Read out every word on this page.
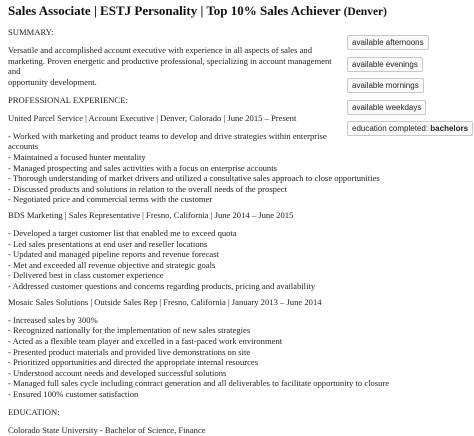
Sales Associate | ESTJ Personality | Top 10% Sales Achiever (Denver)

SUMMARY:

Versatile and accomplished account executive with experience in all aspects of sales and

marketing. Proven energetic and productive professional, specializing in account management and

opportunity development.

PROFESSIONAL EXPERIENCE:

United Parcel Service | Account Executive | Denver, Colorado | June 2015 – Present

- Worked with marketing and product teams to develop and drive strategies within enterprise

accounts

- Maintained a focused hunter mentality

- Managed prospecting and sales activities with a focus on enterprise accounts

- Thorough understanding of market drivers and utilized a consultative sales approach to close opportunities

- Discussed products and solutions in relation to the overall needs of the prospect

- Negotiated price and commercial terms with the customer

BDS Marketing | Sales Representative | Fresno, California | June 2014 – June 2015

- Developed a target customer list that enabled me to exceed quota

- Led sales presentations at end user and reseller locations

- Updated and managed pipeline reports and revenue forecast

- Met and exceeded all revenue objective and strategic goals

- Delivered best in class customer experience

- Addressed customer questions and concerns regarding products, pricing and availability

Mosaic Sales Solutions | Outside Sales Rep | Fresno, California | January 2013 – June 2014

- Increased sales by 300%

- Recognized nationally for the implementation of new sales strategies

- Acted as a flexible team player and excelled in a fast-paced work environment

- Presented product materials and provided live demonstrations on site

- Prioritized opportunities and directed the appropriate internal resources

- Understood account needs and developed successful solutions

- Managed full sales cycle including contract generation and all deliverables to facilitate opportunity to closure

- Ensured 100% customer satisfaction

EDUCATION:

Colorado State University - Bachelor of Science, Finance

available afternoons
available evenings
available mornings
available weekdays
education completed: bachelors
